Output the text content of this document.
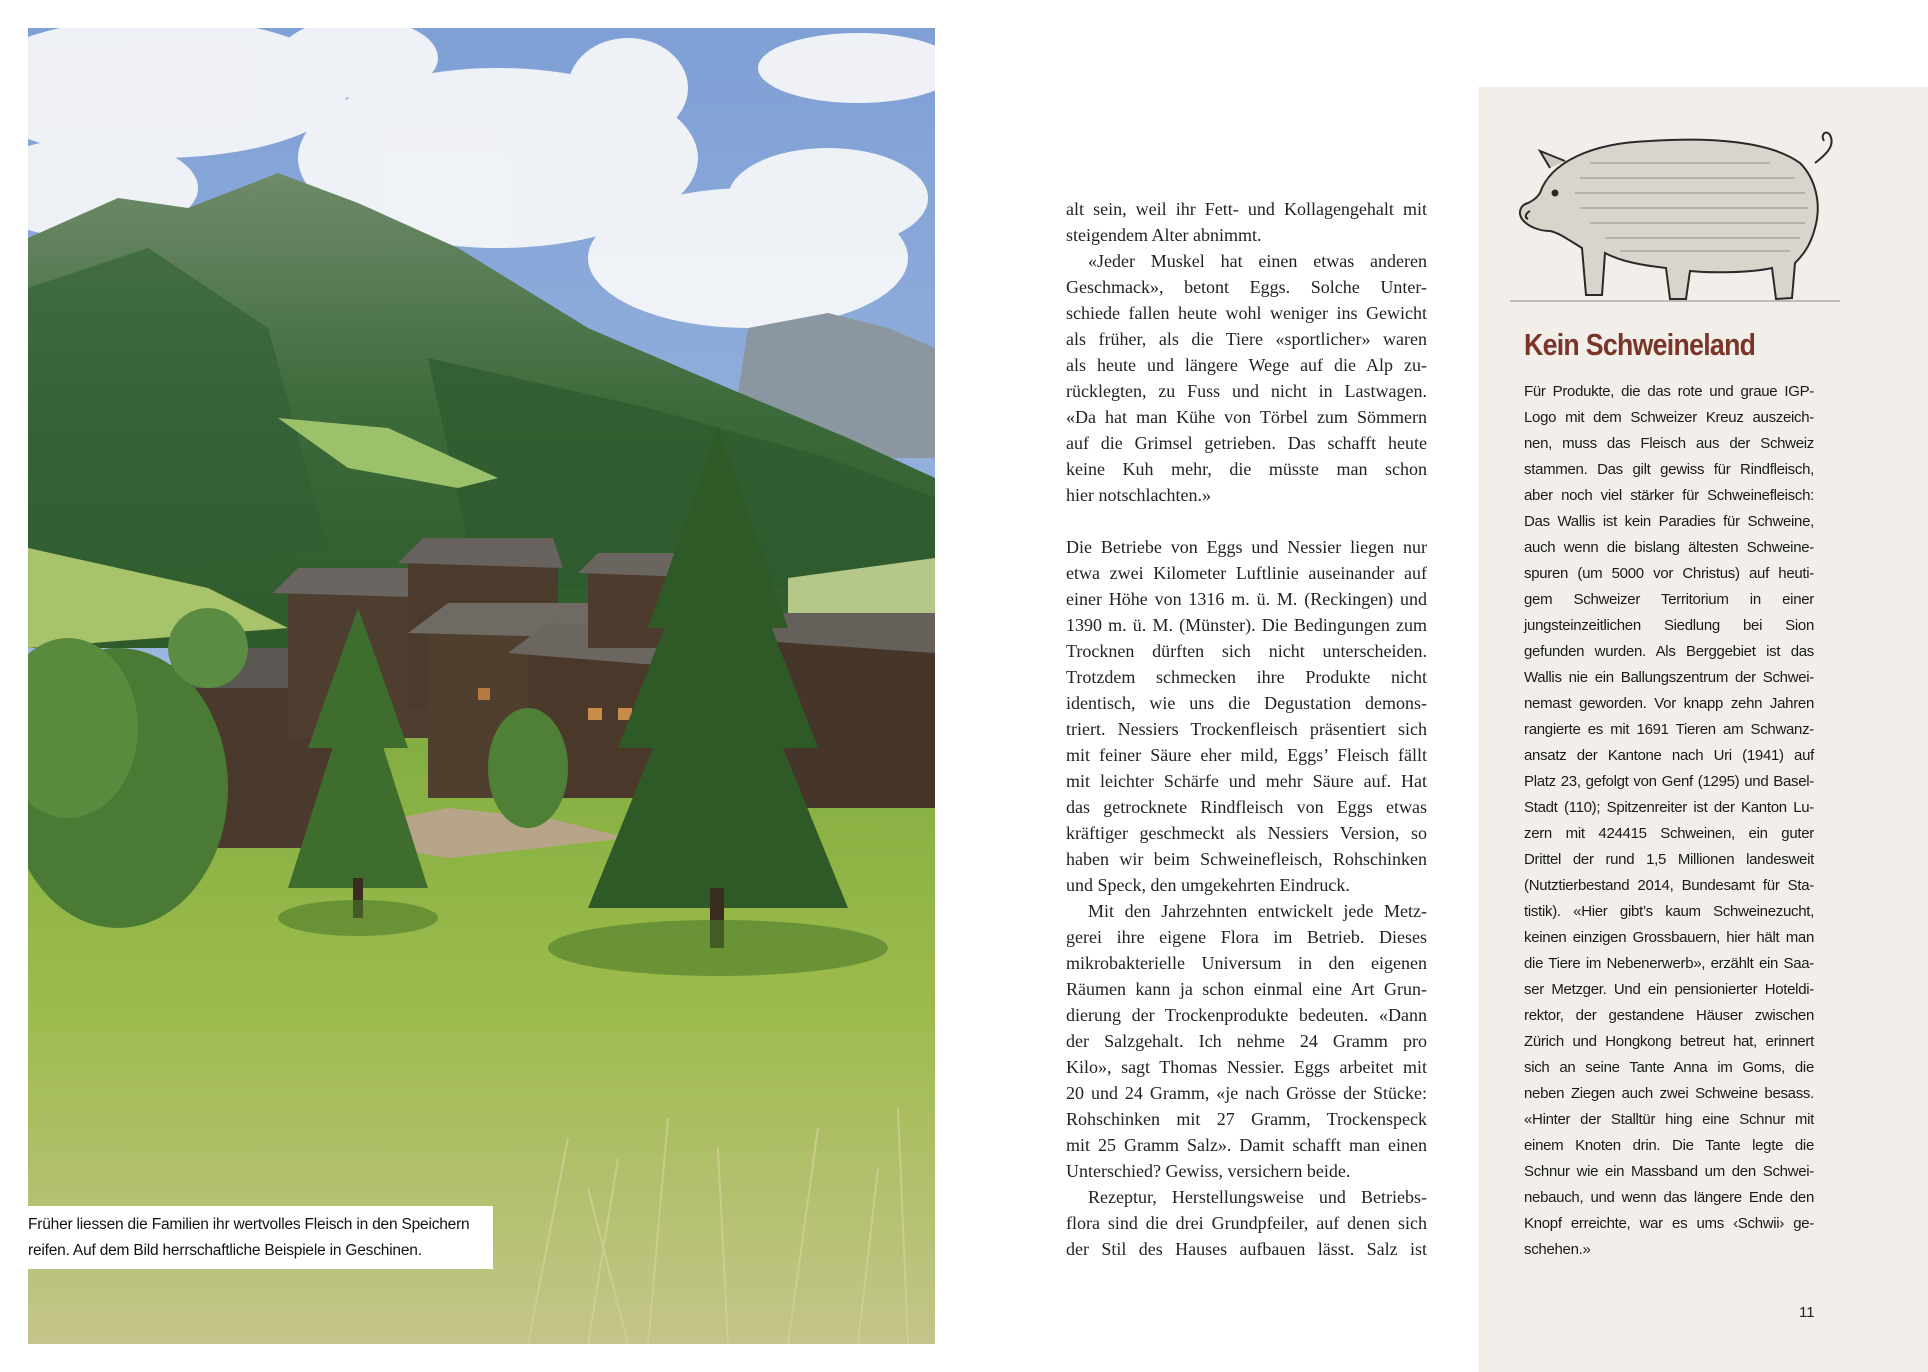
Früher liessen die Familien ihr wertvolles Fleisch in den Speichern
reifen. Auf dem Bild herrschaftliche Beispiele in Geschinen.
alt sein, weil ihr Fett- und Kollagengehalt mit
steigendem Alter abnimmt.
«Jeder Muskel hat einen etwas anderen
Geschmack», betont Eggs. Solche Unter-
schiede fallen heute wohl weniger ins Gewicht
als früher, als die Tiere «sportlicher» waren
als heute und längere Wege auf die Alp zu-
rücklegten, zu Fuss und nicht in Lastwagen.
«Da hat man Kühe von Törbel zum Sömmern
auf die Grimsel getrieben. Das schafft heute
keine Kuh mehr, die müsste man schon
hier notschlachten.»
Die Betriebe von Eggs und Nessier liegen nur
etwa zwei Kilometer Luftlinie auseinander auf
einer Höhe von 1316 m. ü. M. (Reckingen) und
1390 m. ü. M. (Münster). Die Bedingungen zum
Trocknen dürften sich nicht unterscheiden.
Trotzdem schmecken ihre Produkte nicht
identisch, wie uns die Degustation demons-
triert. Nessiers Trockenfleisch präsentiert sich
mit feiner Säure eher mild, Eggs’ Fleisch fällt
mit leichter Schärfe und mehr Säure auf. Hat
das getrocknete Rindfleisch von Eggs etwas
kräftiger geschmeckt als Nessiers Version, so
haben wir beim Schweinefleisch, Rohschinken
und Speck, den umgekehrten Eindruck.
Mit den Jahrzehnten entwickelt jede Metz-
gerei ihre eigene Flora im Betrieb. Dieses
mikrobakterielle Universum in den eigenen
Räumen kann ja schon einmal eine Art Grun-
dierung der Trockenprodukte bedeuten. «Dann
der Salzgehalt. Ich nehme 24 Gramm pro
Kilo», sagt Thomas Nessier. Eggs arbeitet mit
20 und 24 Gramm, «je nach Grösse der Stücke:
Rohschinken mit 27 Gramm, Trockenspeck
mit 25 Gramm Salz». Damit schafft man einen
Unterschied? Gewiss, versichern beide.
Rezeptur, Herstellungsweise und Betriebs-
flora sind die drei Grundpfeiler, auf denen sich
der Stil des Hauses aufbauen lässt. Salz ist
Kein Schweineland
Für Produkte, die das rote und graue IGP-
Logo mit dem Schweizer Kreuz auszeich-
nen, muss das Fleisch aus der Schweiz
stammen. Das gilt gewiss für Rindfleisch,
aber noch viel stärker für Schweinefleisch:
Das Wallis ist kein Paradies für Schweine,
auch wenn die bislang ältesten Schweine-
spuren (um 5000 vor Christus) auf heuti-
gem Schweizer Territorium in einer
jungsteinzeitlichen Siedlung bei Sion
gefunden wurden. Als Berggebiet ist das
Wallis nie ein Ballungszentrum der Schwei-
nemast geworden. Vor knapp zehn Jahren
rangierte es mit 1691 Tieren am Schwanz-
ansatz der Kantone nach Uri (1941) auf
Platz 23, gefolgt von Genf (1295) und Basel-
Stadt (110); Spitzenreiter ist der Kanton Lu-
zern mit 424415 Schweinen, ein guter
Drittel der rund 1,5 Millionen landesweit
(Nutztierbestand 2014, Bundesamt für Sta-
tistik). «Hier gibt’s kaum Schweinezucht,
keinen einzigen Grossbauern, hier hält man
die Tiere im Nebenerwerb», erzählt ein Saa-
ser Metzger. Und ein pensionierter Hoteldi-
rektor, der gestandene Häuser zwischen
Zürich und Hongkong betreut hat, erinnert
sich an seine Tante Anna im Goms, die
neben Ziegen auch zwei Schweine besass.
«Hinter der Stalltür hing eine Schnur mit
einem Knoten drin. Die Tante legte die
Schnur wie ein Massband um den Schwei-
nebauch, und wenn das längere Ende den
Knopf erreichte, war es ums ‹Schwii› ge-
schehen.»
11
